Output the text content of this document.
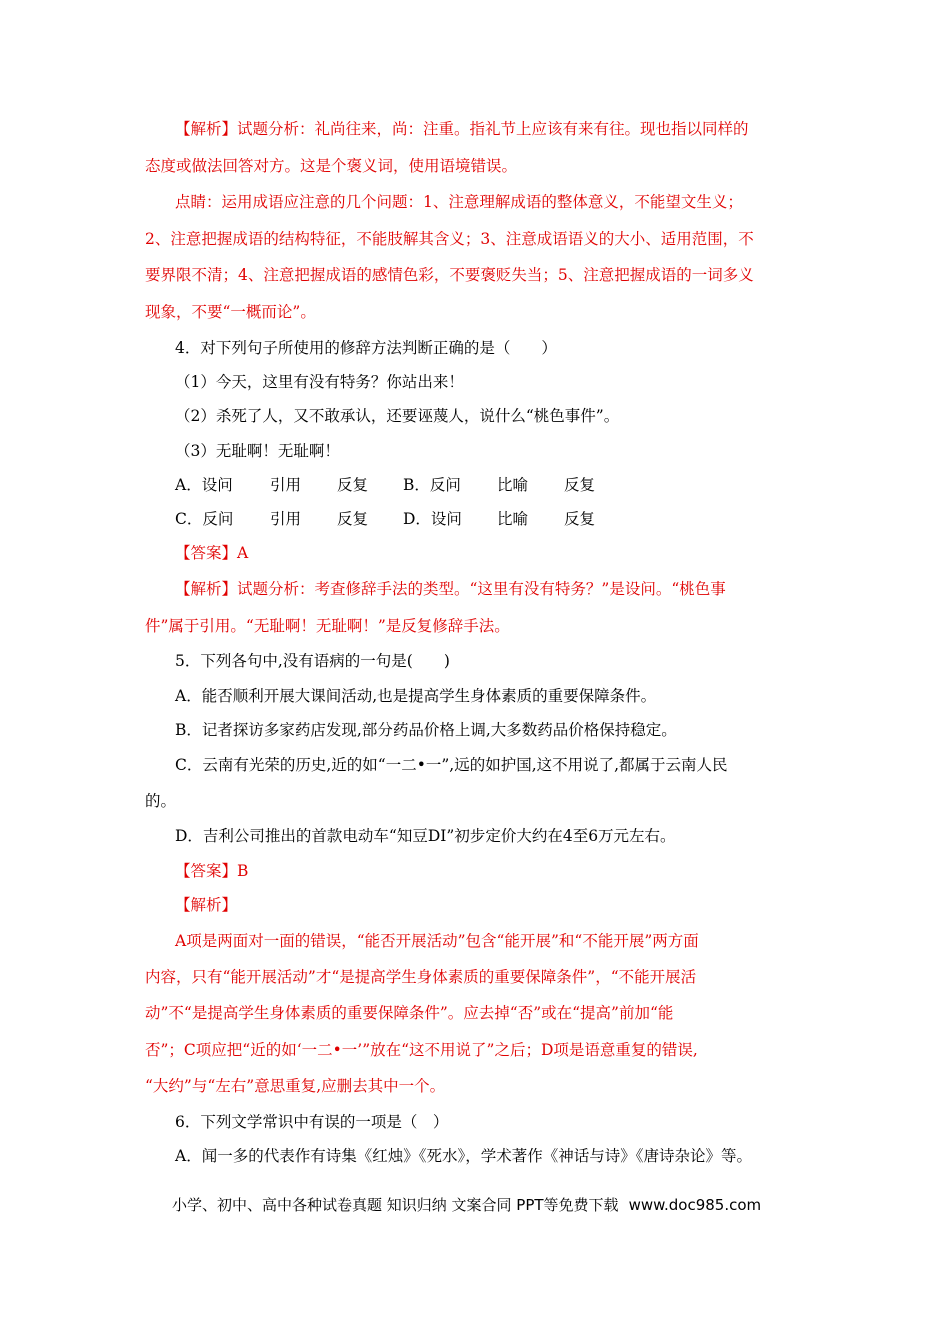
【解析】试题分析：礼尚往来，尚：注重。指礼节上应该有来有往。现也指以同样的
态度或做法回答对方。这是个褒义词，使用语境错误。
点睛：运用成语应注意的几个问题：1、注意理解成语的整体意义，不能望文生义；
2、注意把握成语的结构特征，不能肢解其含义；3、注意成语语义的大小、适用范围，不
要界限不清；4、注意把握成语的感情色彩，不要褒贬失当；5、注意把握成语的一词多义
现象，不要“一概而论”。
4．对下列句子所使用的修辞方法判断正确的是（　　）
（1）今天，这里有没有特务？你站出来！
（2）杀死了人，又不敢承认，还要诬蔑人，说什么“桃色事件”。
（3）无耻啊！无耻啊！
A．设问 引用 反复 B．反问 比喻 反复
C．反问 引用 反复 D．设问 比喻 反复
【答案】A
【解析】试题分析：考查修辞手法的类型。“这里有没有特务？”是设问。“桃色事
件”属于引用。“无耻啊！无耻啊！”是反复修辞手法。
5．下列各句中,没有语病的一句是(　　)
A．能否顺利开展大课间活动,也是提高学生身体素质的重要保障条件。
B．记者探访多家药店发现,部分药品价格上调,大多数药品价格保持稳定。
C．云南有光荣的历史,近的如“一二•一”,远的如护国,这不用说了,都属于云南人民
的。
D．吉利公司推出的首款电动车“知豆DI”初步定价大约在4至6万元左右。
【答案】B
【解析】
A项是两面对一面的错误，“能否开展活动”包含“能开展”和“不能开展”两方面
内容，只有“能开展活动”才“是提高学生身体素质的重要保障条件”，“不能开展活
动”不“是提高学生身体素质的重要保障条件”。应去掉“否”或在“提高”前加“能
否”；C项应把“近的如‘一二•一’”放在“这不用说了”之后；D项是语意重复的错误,
“大约”与“左右”意思重复,应删去其中一个。
6．下列文学常识中有误的一项是（　）
A．闻一多的代表作有诗集《红烛》《死水》，学术著作《神话与诗》《唐诗杂论》等。
小学、初中、高中各种试卷真题 知识归纳 文案合同 PPT等免费下载 www.doc985.com
